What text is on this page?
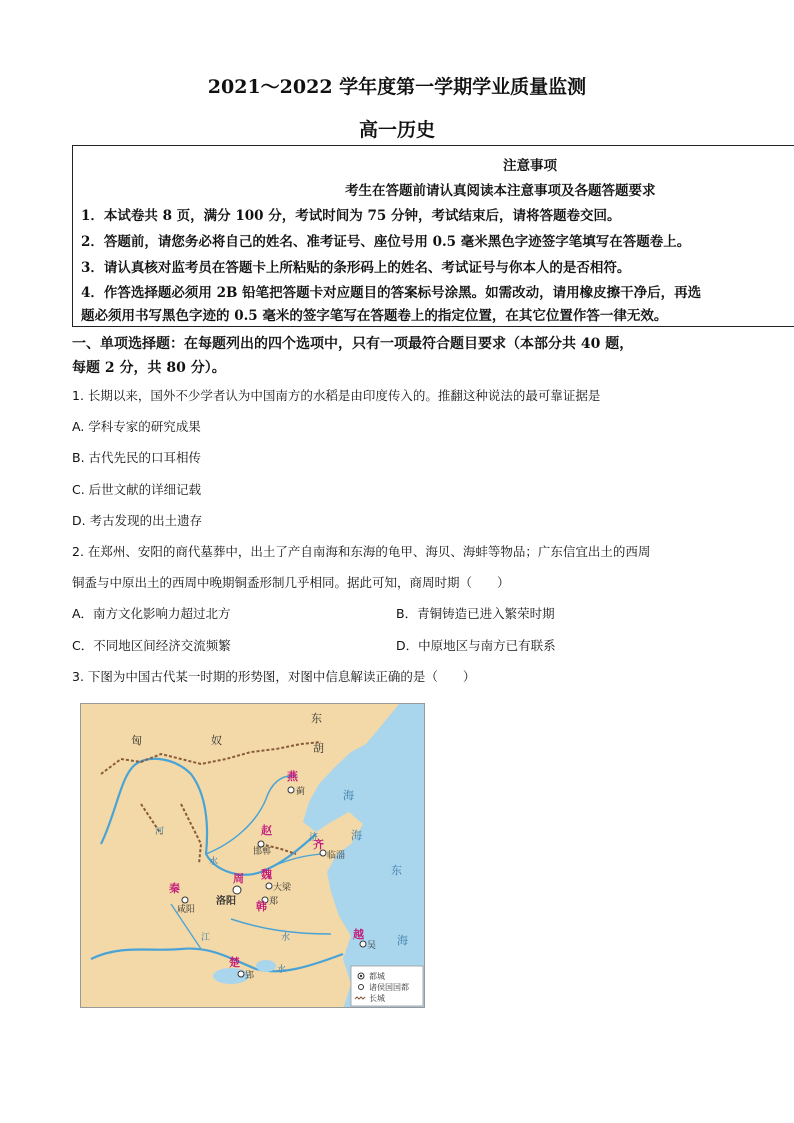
2021～2022 学年度第一学期学业质量监测
高一历史
注意事项
考生在答题前请认真阅读本注意事项及各题答题要求
1．本试卷共 8 页，满分 100 分，考试时间为 75 分钟，考试结束后，请将答题卷交回。
2．答题前，请您务必将自己的姓名、准考证号、座位号用 0.5 毫米黑色字迹签字笔填写在答题卷上。
3．请认真核对监考员在答题卡上所粘贴的条形码上的姓名、考试证号与你本人的是否相符。
4．作答选择题必须用 2B 铅笔把答题卡对应题目的答案标号涂黑。如需改动，请用橡皮擦干净后，再选
题必须用书写黑色字迹的 0.5 毫米的签字笔写在答题卷上的指定位置，在其它位置作答一律无效。
一、单项选择题：在每题列出的四个选项中，只有一项最符合题目要求（本部分共 40 题，
每题 2 分，共 80 分）。
1. 长期以来，国外不少学者认为中国南方的水稻是由印度传入的。推翻这种说法的最可靠证据是
A. 学科专家的研究成果
B. 古代先民的口耳相传
C. 后世文献的详细记载
D. 考古发现的出土遗存
2. 在郑州、安阳的商代墓葬中，出土了产自南海和东海的龟甲、海贝、海蚌等物品；广东信宜出土的西周
铜盉与中原出土的西周中晚期铜盉形制几乎相同。据此可知，商周时期（　　）
A．南方文化影响力超过北方	B．青铜铸造已进入繁荣时期
C．不同地区间经济交流频繁	D．中原地区与南方已有联系
3. 下图为中国古代某一时期的形势图，对图中信息解读正确的是（　　）
匈	奴
东
胡
蓟
邯郸	临淄
咸阳
洛阳
大梁
郑
郢
吴
海
海
东
海
河
水
济
水
江
水
燕
赵
齐
秦
周 魏
韩
楚
越
都城
诸侯国国都
长城
